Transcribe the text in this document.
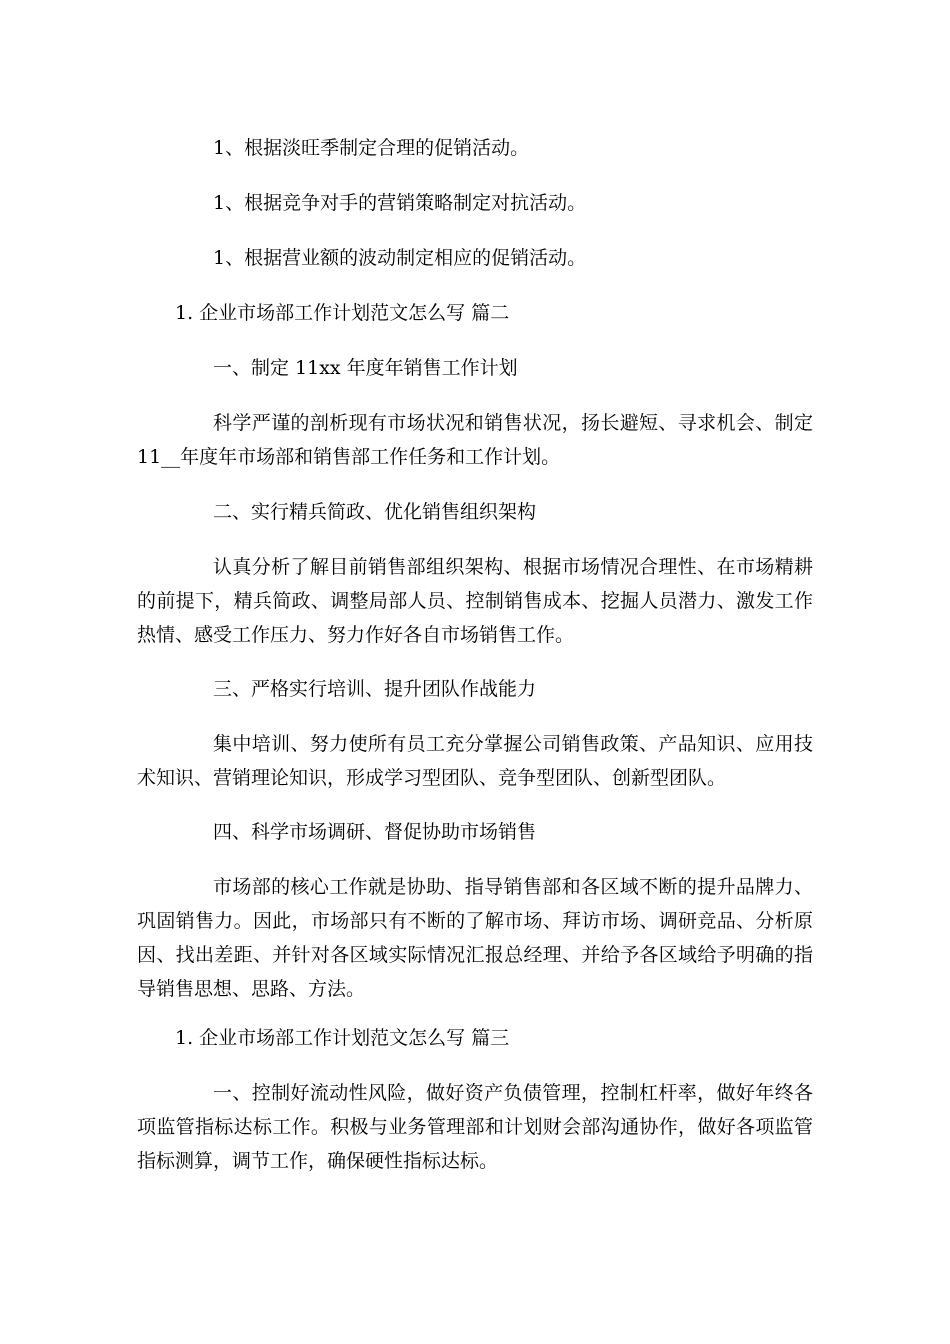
1、根据淡旺季制定合理的促销活动。
1、根据竞争对手的营销策略制定对抗活动。
1、根据营业额的波动制定相应的促销活动。
1. 企业市场部工作计划范文怎么写 篇二
一、制定 11xx 年度年销售工作计划
科学严谨的剖析现有市场状况和销售状况，扬长避短、寻求机会、制定11__年度年市场部和销售部工作任务和工作计划。
二、实行精兵简政、优化销售组织架构
认真分析了解目前销售部组织架构、根据市场情况合理性、在市场精耕的前提下，精兵简政、调整局部人员、控制销售成本、挖掘人员潜力、激发工作热情、感受工作压力、努力作好各自市场销售工作。
三、严格实行培训、提升团队作战能力
集中培训、努力使所有员工充分掌握公司销售政策、产品知识、应用技术知识、营销理论知识，形成学习型团队、竞争型团队、创新型团队。
四、科学市场调研、督促协助市场销售
市场部的核心工作就是协助、指导销售部和各区域不断的提升品牌力、巩固销售力。因此，市场部只有不断的了解市场、拜访市场、调研竞品、分析原因、找出差距、并针对各区域实际情况汇报总经理、并给予各区域给予明确的指导销售思想、思路、方法。
1. 企业市场部工作计划范文怎么写 篇三
一、控制好流动性风险，做好资产负债管理，控制杠杆率，做好年终各项监管指标达标工作。积极与业务管理部和计划财会部沟通协作，做好各项监管指标测算，调节工作，确保硬性指标达标。
